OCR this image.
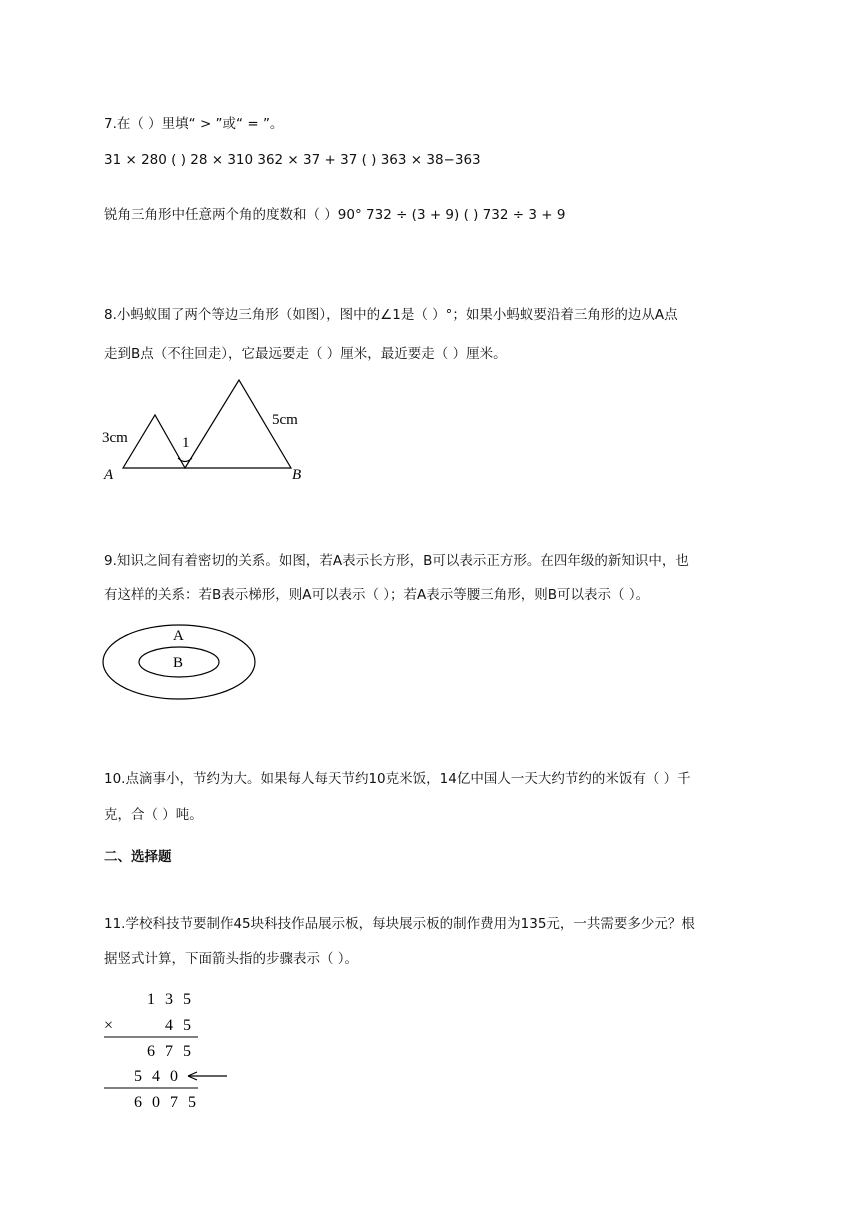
7.在（ ）里填“ > ”或“ = ”。
31 × 280 ( ) 28 × 310 362 × 37 + 37 ( ) 363 × 38−363
锐角三角形中任意两个角的度数和（ ）90° 732 ÷ (3 + 9) ( ) 732 ÷ 3 + 9
8.小蚂蚁围了两个等边三角形（如图），图中的∠1是（ ）°；如果小蚂蚁要沿着三角形的边从A点
走到B点（不往回走），它最远要走（ ）厘米，最近要走（ ）厘米。
3cm
5cm
1
A	B
9.知识之间有着密切的关系。如图，若A表示长方形，B可以表示正方形。在四年级的新知识中，也
有这样的关系：若B表示梯形，则A可以表示（ ）；若A表示等腰三角形，则B可以表示（ ）。
A
B
10.点滴事小，节约为大。如果每人每天节约10克米饭，14亿中国人一天大约节约的米饭有（ ）千
克，合（ ）吨。
二、选择题
11.学校科技节要制作45块科技作品展示板，每块展示板的制作费用为135元，一共需要多少元？根
据竖式计算，下面箭头指的步骤表示（ ）。
1 3 5
×	4 5
6 7 5
5 4 0
6 0 7 5
